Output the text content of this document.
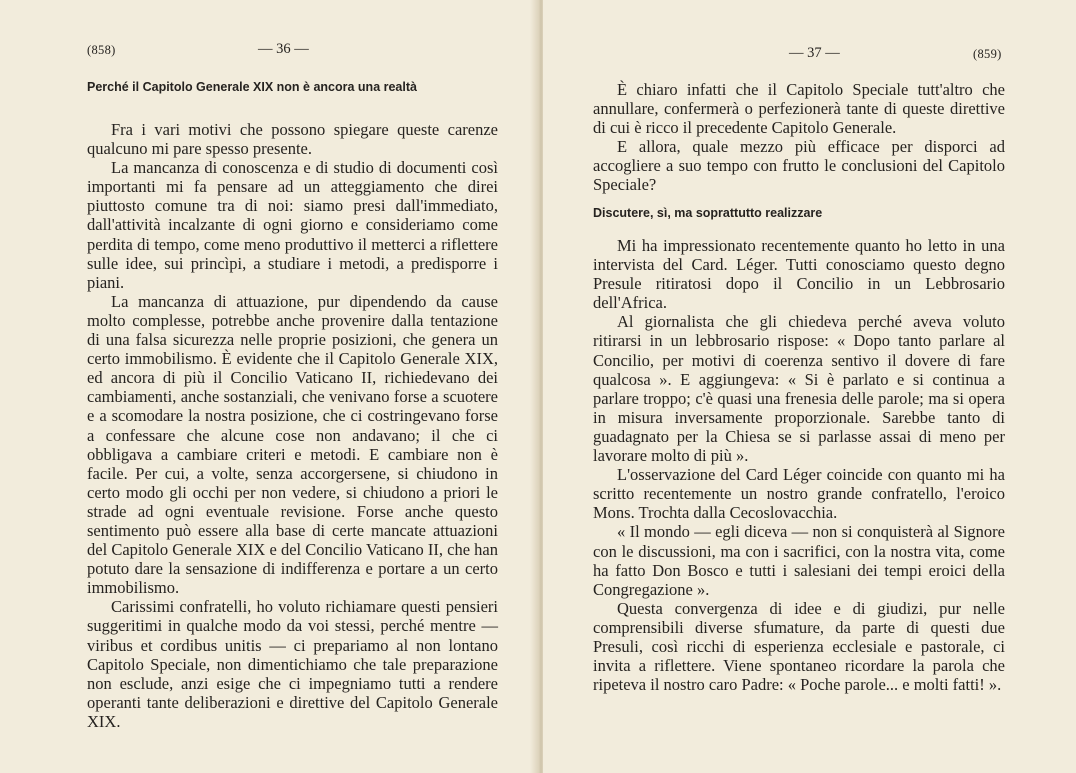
(858)	— 36 —
Perché il Capitolo Generale XIX non è ancora una realtà

Fra i vari motivi che possono spiegare queste carenze qualcuno mi pare spesso presente.

La mancanza di conoscenza e di studio di documenti così importanti mi fa pensare ad un atteggiamento che direi piuttosto comune tra di noi: siamo presi dall'immediato, dall'attività incalzante di ogni giorno e consideriamo come perdita di tempo, come meno produttivo il metterci a riflettere sulle idee, sui princìpi, a studiare i metodi, a predisporre i piani.

La mancanza di attuazione, pur dipendendo da cause molto complesse, potrebbe anche provenire dalla tentazione di una falsa sicurezza nelle proprie posizioni, che genera un certo immobilismo. È evidente che il Capitolo Generale XIX, ed ancora di più il Concilio Vaticano II, richiedevano dei cambiamenti, anche sostanziali, che venivano forse a scuotere e a scomodare la nostra posizione, che ci costringevano forse a confessare che alcune cose non andavano; il che ci obbligava a cambiare criteri e metodi. E cambiare non è facile. Per cui, a volte, senza accorgersene, si chiudono in certo modo gli occhi per non vedere, si chiudono a priori le strade ad ogni eventuale revisione. Forse anche questo sentimento può essere alla base di certe mancate attuazioni del Capitolo Generale XIX e del Concilio Vaticano II, che han potuto dare la sensazione di indifferenza e portare a un certo immobilismo.

Carissimi confratelli, ho voluto richiamare questi pensieri suggeritimi in qualche modo da voi stessi, perché mentre — viribus et cordibus unitis — ci prepariamo al non lontano Capitolo Speciale, non dimentichiamo che tale preparazione non esclude, anzi esige che ci impegniamo tutti a rendere operanti tante deliberazioni e direttive del Capitolo Generale XIX.

— 37 —	(859)

È chiaro infatti che il Capitolo Speciale tutt'altro che annullare, confermerà o perfezionerà tante di queste direttive di cui è ricco il precedente Capitolo Generale.

E allora, quale mezzo più efficace per disporci ad accogliere a suo tempo con frutto le conclusioni del Capitolo Speciale?

Discutere, sì, ma soprattutto realizzare

Mi ha impressionato recentemente quanto ho letto in una intervista del Card. Léger. Tutti conosciamo questo degno Presule ritiratosi dopo il Concilio in un Lebbrosario dell'Africa.

Al giornalista che gli chiedeva perché aveva voluto ritirarsi in un lebbrosario rispose: « Dopo tanto parlare al Concilio, per motivi di coerenza sentivo il dovere di fare qualcosa ». E aggiungeva: « Si è parlato e si continua a parlare troppo; c'è quasi una frenesia delle parole; ma si opera in misura inversamente proporzionale. Sarebbe tanto di guadagnato per la Chiesa se si parlasse assai di meno per lavorare molto di più ».

L'osservazione del Card Léger coincide con quanto mi ha scritto recentemente un nostro grande confratello, l'eroico Mons. Trochta dalla Cecoslovacchia.

« Il mondo — egli diceva — non si conquisterà al Signore con le discussioni, ma con i sacrifici, con la nostra vita, come ha fatto Don Bosco e tutti i salesiani dei tempi eroici della Congregazione ».

Questa convergenza di idee e di giudizi, pur nelle comprensibili diverse sfumature, da parte di questi due Presuli, così ricchi di esperienza ecclesiale e pastorale, ci invita a riflettere. Viene spontaneo ricordare la parola che ripeteva il nostro caro Padre: « Poche parole... e molti fatti! ».
